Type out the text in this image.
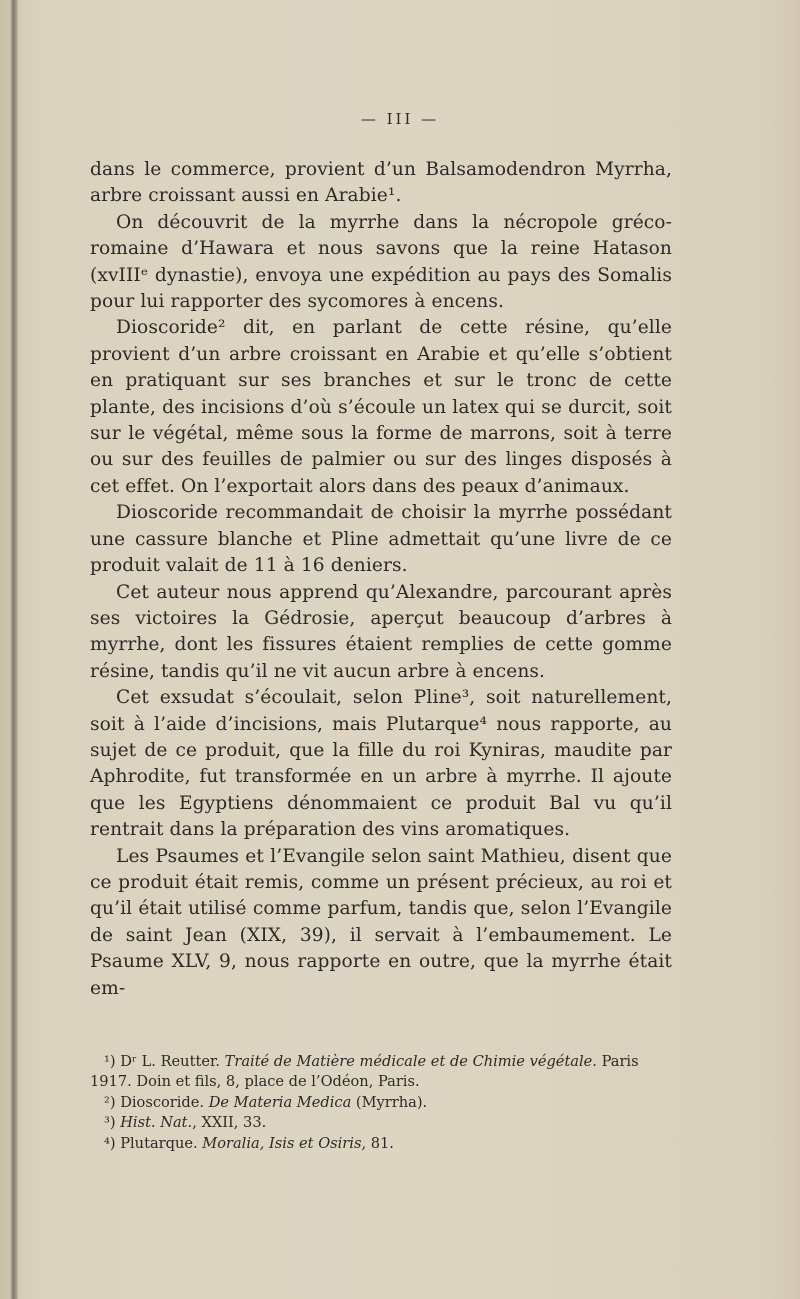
— III —

dans le commerce, provient d’un Balsamodendron Myrrha, arbre croissant aussi en Arabie¹.

On découvrit de la myrrhe dans la nécropole gréco-romaine d’Hawara et nous savons que la reine Hatason (xvIIIᵉ dynastie), envoya une expédition au pays des Somalis pour lui rapporter des sycomores à encens.

Dioscoride² dit, en parlant de cette résine, qu’elle provient d’un arbre croissant en Arabie et qu’elle s’obtient en pratiquant sur ses branches et sur le tronc de cette plante, des incisions d’où s’écoule un latex qui se durcit, soit sur le végétal, même sous la forme de marrons, soit à terre ou sur des feuilles de palmier ou sur des linges disposés à cet effet. On l’exportait alors dans des peaux d’animaux.

Dioscoride recommandait de choisir la myrrhe possédant une cassure blanche et Pline admettait qu’une livre de ce produit valait de 11 à 16 deniers.

Cet auteur nous apprend qu’Alexandre, parcourant après ses victoires la Gédrosie, aperçut beaucoup d’arbres à myrrhe, dont les fissures étaient remplies de cette gomme résine, tandis qu’il ne vit aucun arbre à encens.

Cet exsudat s’écoulait, selon Pline³, soit naturellement, soit à l’aide d’incisions, mais Plutarque⁴ nous rapporte, au sujet de ce produit, que la fille du roi Kyniras, maudite par Aphrodite, fut transformée en un arbre à myrrhe. Il ajoute que les Egyptiens dénommaient ce produit Bal vu qu’il rentrait dans la préparation des vins aromatiques.

Les Psaumes et l’Evangile selon saint Mathieu, disent que ce produit était remis, comme un présent précieux, au roi et qu’il était utilisé comme parfum, tandis que, selon l’Evangile de saint Jean (XIX, 39), il servait à l’embaumement. Le Psaume XLV, 9, nous rapporte en outre, que la myrrhe était em-

¹) Dʳ L. Reutter. Traité de Matière médicale et de Chimie végétale. Paris

1917. Doin et fils, 8, place de l’Odéon, Paris.

²) Dioscoride. De Materia Medica (Myrrha).

³) Hist. Nat., XXII, 33.

⁴) Plutarque. Moralia, Isis et Osiris, 81.
